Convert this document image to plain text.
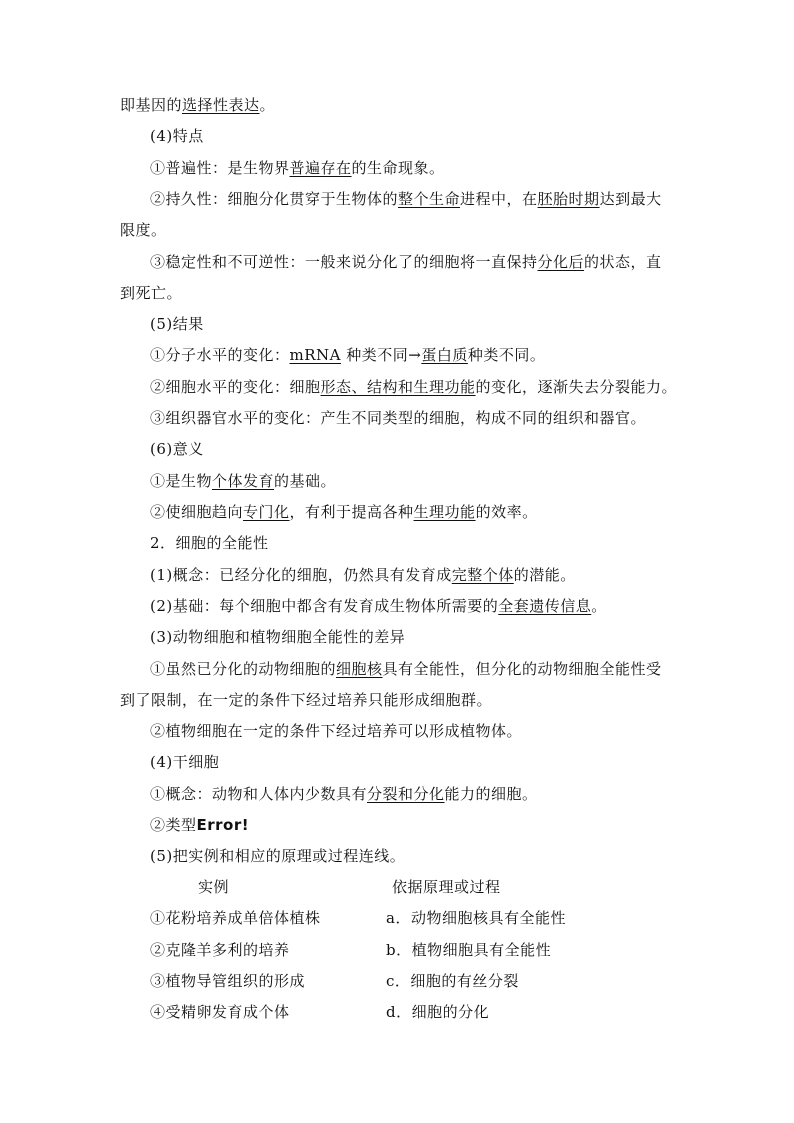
即基因的选择性表达。
(4)特点
①普遍性：是生物界普遍存在的生命现象。
②持久性：细胞分化贯穿于生物体的整个生命进程中，在胚胎时期达到最大
限度。
③稳定性和不可逆性：一般来说分化了的细胞将一直保持分化后的状态，直
到死亡。
(5)结果
①分子水平的变化：mRNA 种类不同→蛋白质种类不同。
②细胞水平的变化：细胞形态、结构和生理功能的变化，逐渐失去分裂能力。
③组织器官水平的变化：产生不同类型的细胞，构成不同的组织和器官。
(6)意义
①是生物个体发育的基础。
②使细胞趋向专门化，有利于提高各种生理功能的效率。
2．细胞的全能性
(1)概念：已经分化的细胞，仍然具有发育成完整个体的潜能。
(2)基础：每个细胞中都含有发育成生物体所需要的全套遗传信息。
(3)动物细胞和植物细胞全能性的差异
①虽然已分化的动物细胞的细胞核具有全能性，但分化的动物细胞全能性受
到了限制，在一定的条件下经过培养只能形成细胞群。
②植物细胞在一定的条件下经过培养可以形成植物体。
(4)干细胞
①概念：动物和人体内少数具有分裂和分化能力的细胞。
②类型Error!
(5)把实例和相应的原理或过程连线。
实例	依据原理或过程
①花粉培养成单倍体植株	a．动物细胞核具有全能性
②克隆羊多利的培养	b．植物细胞具有全能性
③植物导管组织的形成	c．细胞的有丝分裂
④受精卵发育成个体	d．细胞的分化
